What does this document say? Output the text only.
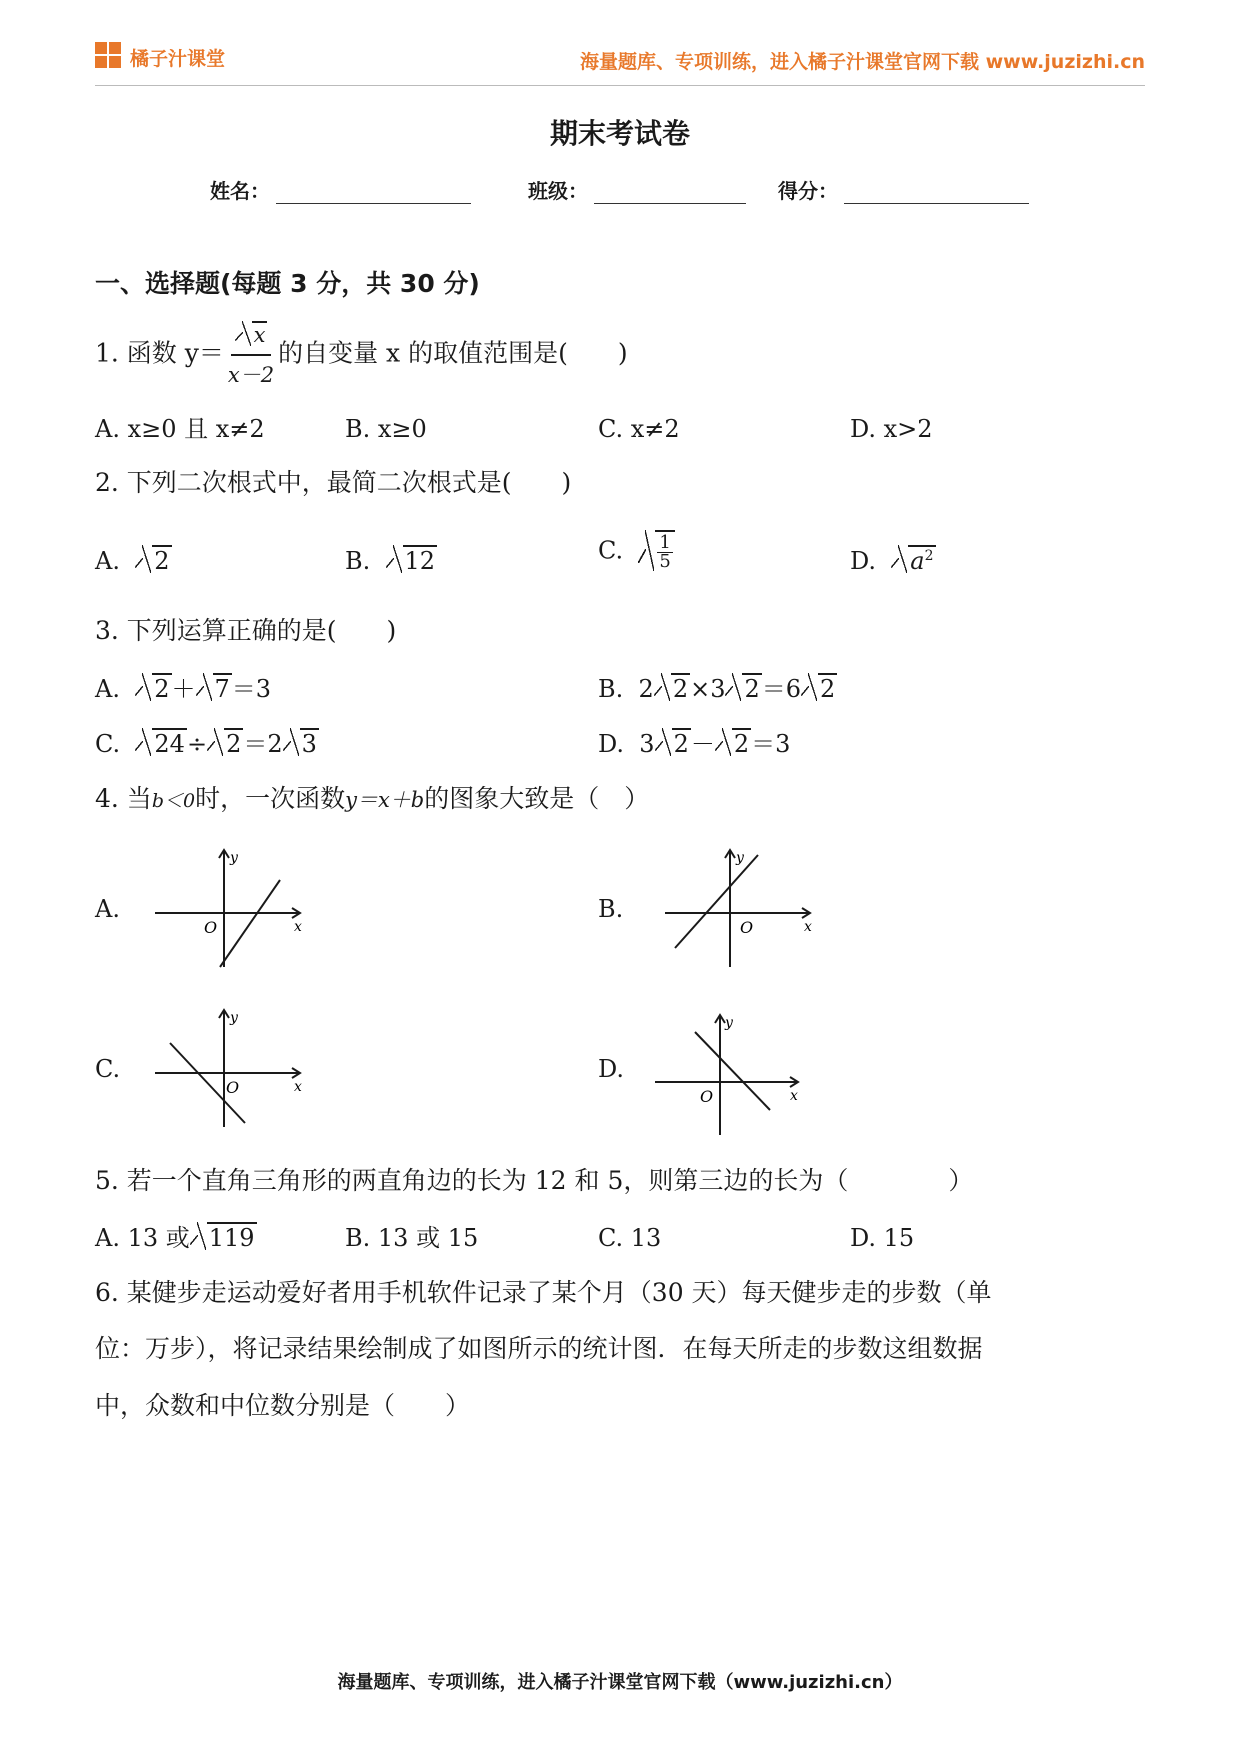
橘子汁课堂	海量题库、专项训练，进入橘子汁课堂官网下载 www.juzizhi.cn
期末考试卷
姓名：	班级：	得分：
一、选择题(每题 3 分，共 30 分)
1. 函数 $y= \frac{x}{x-2}$ 的自变量 x 的取值范围是(　　)
A. x≥0 且 x≠2	B. x≥0	C. x≠2	D. x>2
2. 下列二次根式中，最简二次根式是(　　)
A. 2	B. 12	C. $\frac{1}{5}$	D. $a^2$
3. 下列运算正确的是(　　)
A. 2＋ 7＝3	B. 2 2×3 2＝6 2
C. 24÷ 2＝2 3	D. 3 2－ 2＝3
4. 当b＜0时，一次函数y＝x＋b的图象大致是（　）
A.	B.
C.	D.
y
x
O
y
x
O
y
x
O
y
x
O
5. 若一个直角三角形的两直角边的长为 12 和 5，则第三边的长为（　　　　）
A. 13 或 119	B. 13 或 15	C. 13	D. 15
6. 某健步走运动爱好者用手机软件记录了某个月（30 天）每天健步走的步数（单
位：万步），将记录结果绘制成了如图所示的统计图．在每天所走的步数这组数据
中，众数和中位数分别是（　　）
海量题库、专项训练，进入橘子汁课堂官网下载（www.juzizhi.cn）
